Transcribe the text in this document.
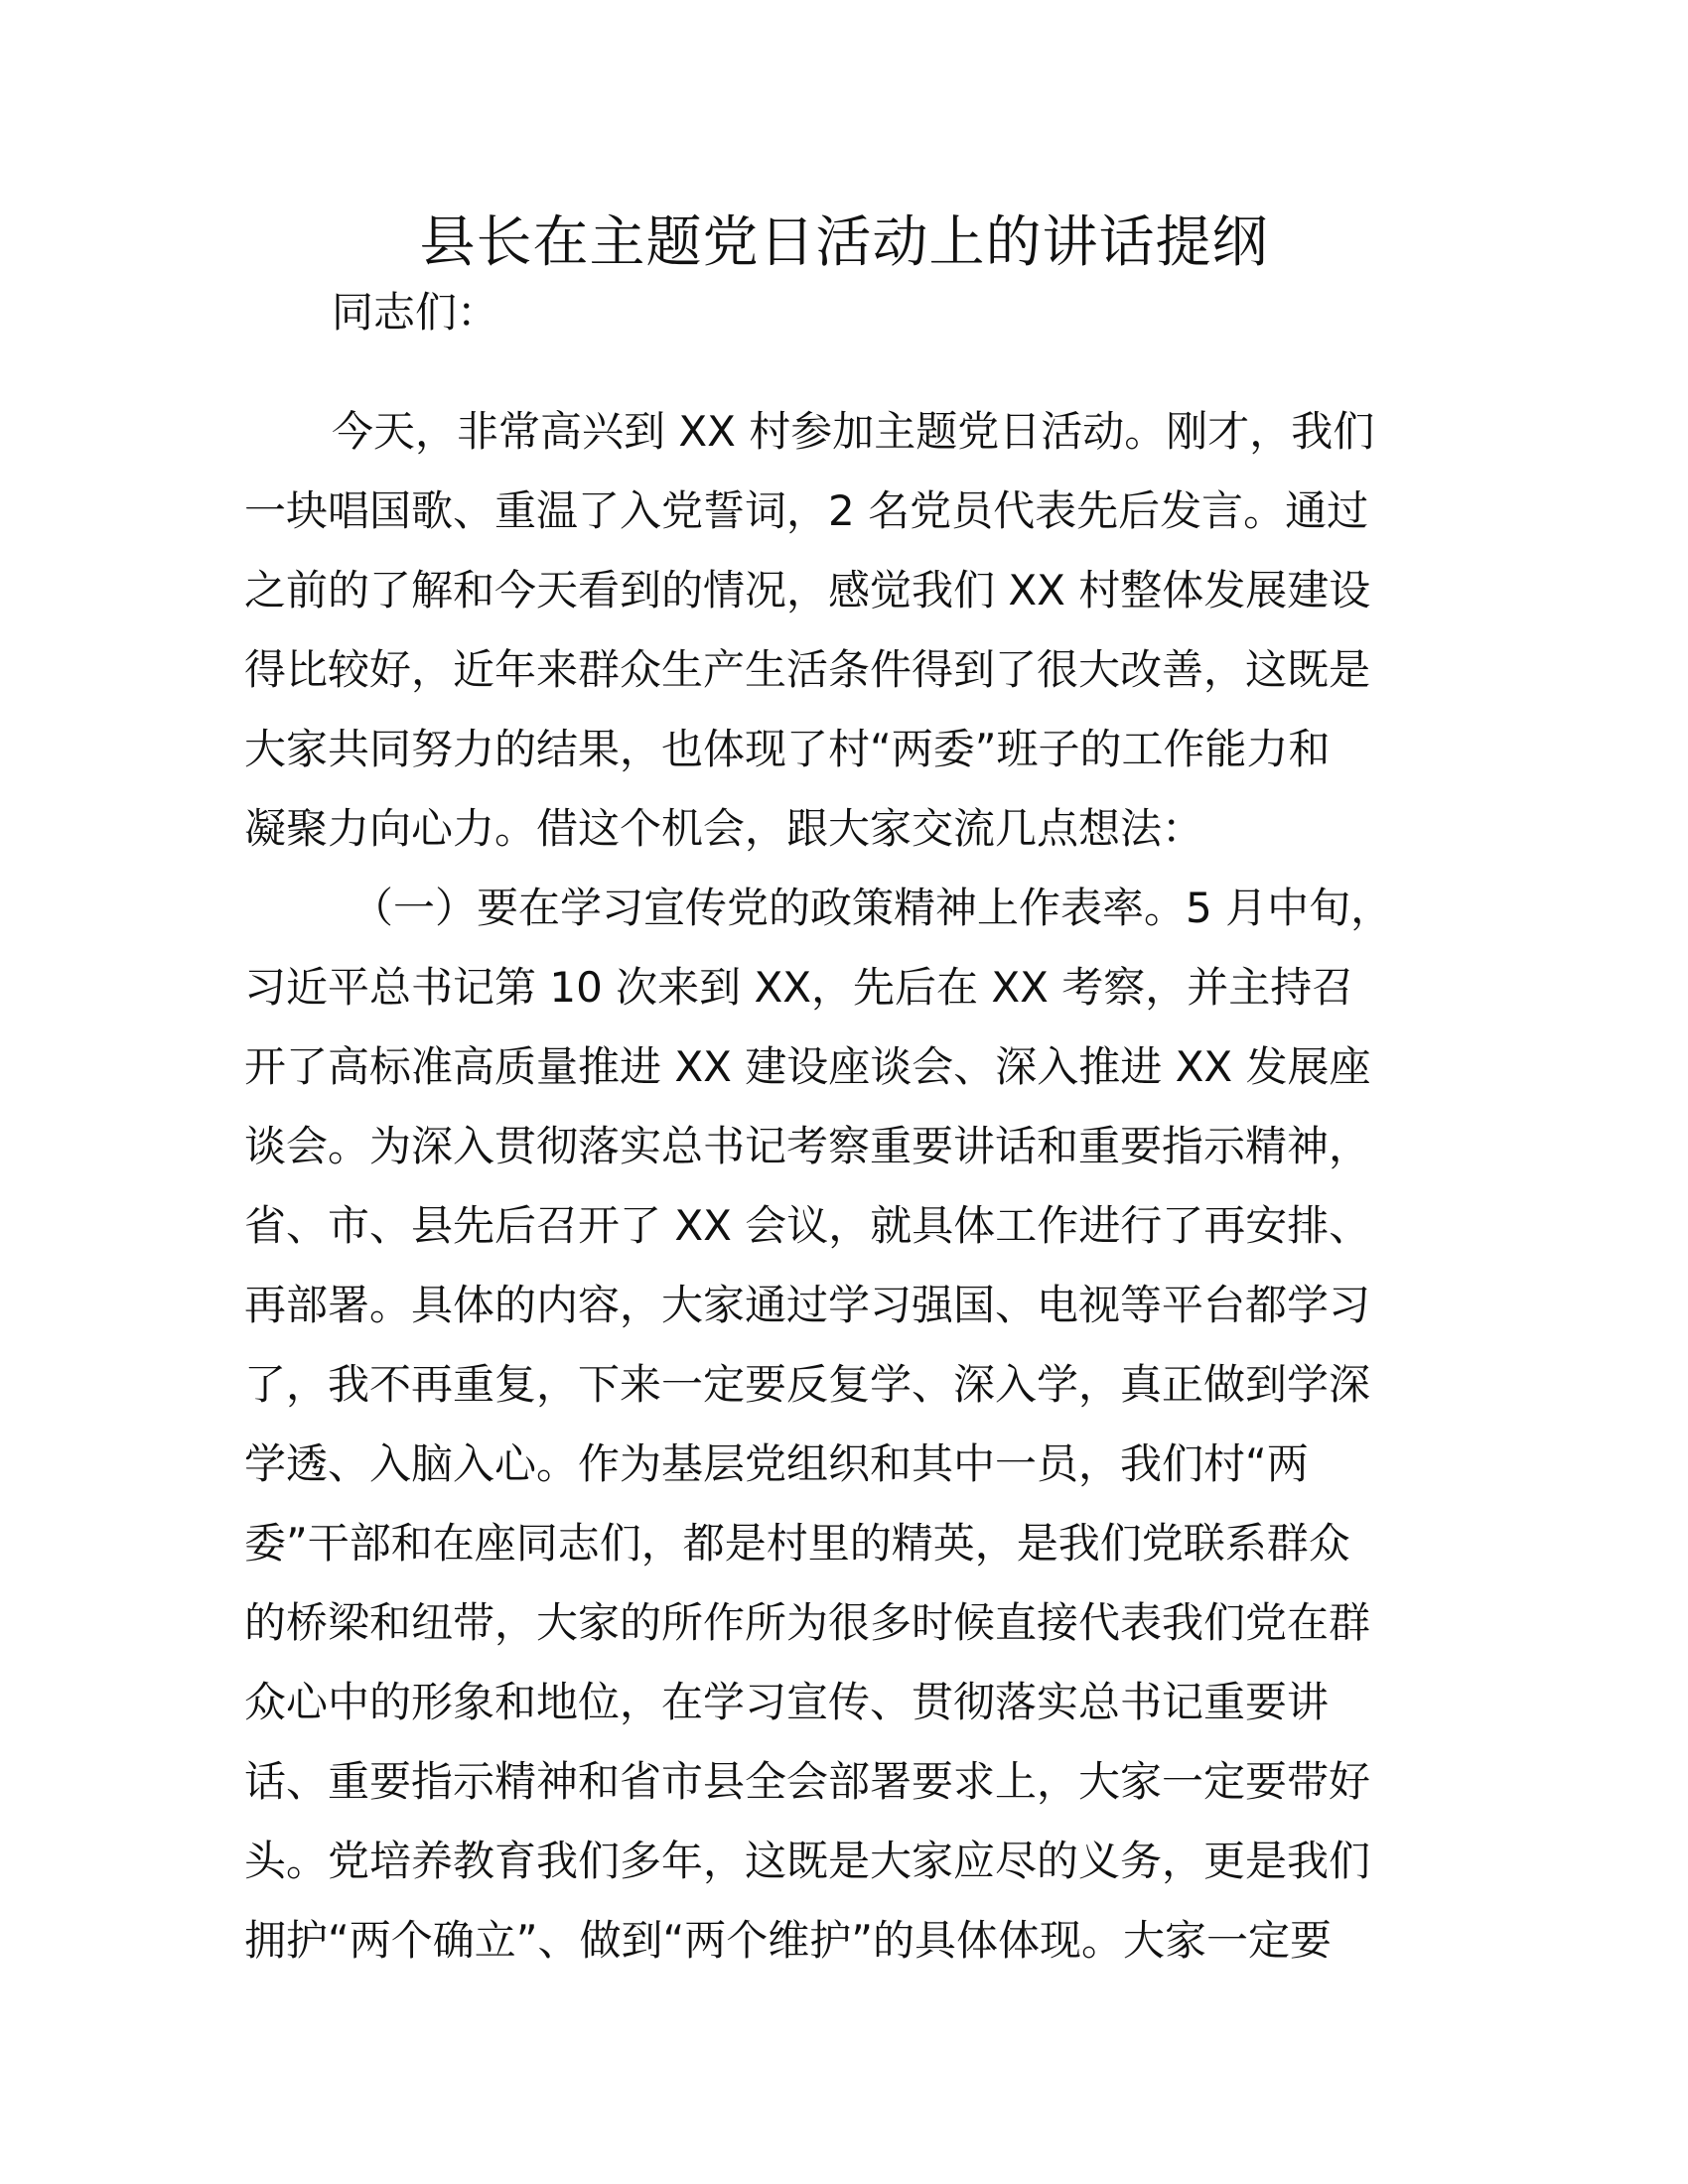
县长在主题党日活动上的讲话提纲

同志们：

今天，非常高兴到 XX 村参加主题党日活动。刚才，我们
一块唱国歌、重温了入党誓词，2 名党员代表先后发言。通过
之前的了解和今天看到的情况，感觉我们 XX 村整体发展建设
得比较好，近年来群众生产生活条件得到了很大改善，这既是
大家共同努力的结果，也体现了村“两委”班子的工作能力和
凝聚力向心力。借这个机会，跟大家交流几点想法：

（一）要在学习宣传党的政策精神上作表率。5 月中旬，
习近平总书记第 10 次来到 XX，先后在 XX 考察，并主持召
开了高标准高质量推进 XX 建设座谈会、深入推进 XX 发展座
谈会。为深入贯彻落实总书记考察重要讲话和重要指示精神，
省、市、县先后召开了 XX 会议，就具体工作进行了再安排、
再部署。具体的内容，大家通过学习强国、电视等平台都学习
了，我不再重复，下来一定要反复学、深入学，真正做到学深
学透、入脑入心。作为基层党组织和其中一员，我们村“两
委”干部和在座同志们，都是村里的精英，是我们党联系群众
的桥梁和纽带，大家的所作所为很多时候直接代表我们党在群
众心中的形象和地位，在学习宣传、贯彻落实总书记重要讲
话、重要指示精神和省市县全会部署要求上，大家一定要带好
头。党培养教育我们多年，这既是大家应尽的义务，更是我们
拥护“两个确立”、做到“两个维护”的具体体现。大家一定要
